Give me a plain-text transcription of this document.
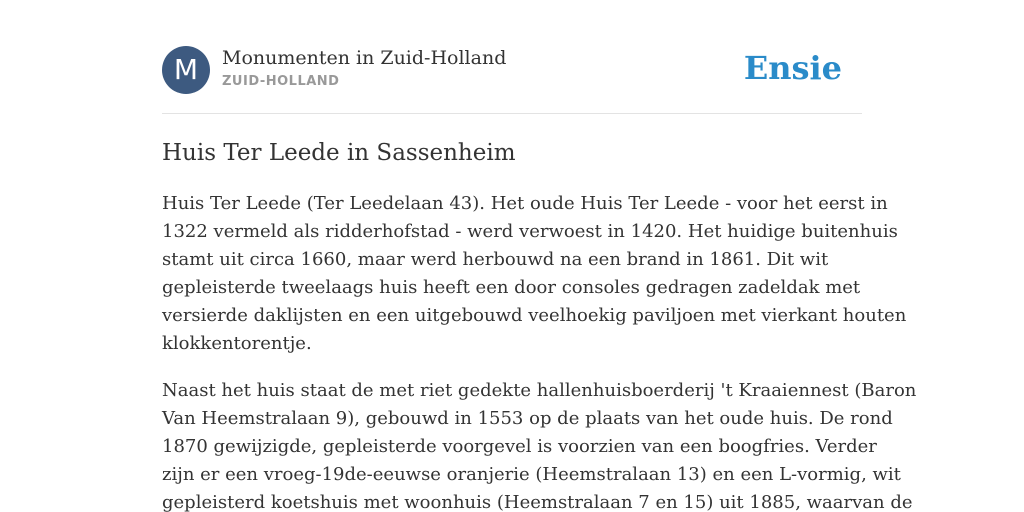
M	Monumenten in Zuid-Holland
ZUID-HOLLAND	Ensie
Huis Ter Leede in Sassenheim

Huis Ter Leede (Ter Leedelaan 43). Het oude Huis Ter Leede - voor het eerst in
1322 vermeld als ridderhofstad - werd verwoest in 1420. Het huidige buitenhuis
stamt uit circa 1660, maar werd herbouwd na een brand in 1861. Dit wit
gepleisterde tweelaags huis heeft een door consoles gedragen zadeldak met
versierde daklijsten en een uitgebouwd veelhoekig paviljoen met vierkant houten
klokkentorentje.

Naast het huis staat de met riet gedekte hallenhuisboerderij 't Kraaiennest (Baron
Van Heemstralaan 9), gebouwd in 1553 op de plaats van het oude huis. De rond
1870 gewijzigde, gepleisterde voorgevel is voorzien van een boogfries. Verder
zijn er een vroeg-19de-eeuwse oranjerie (Heemstralaan 13) en een L-vormig, wit
gepleisterd koetshuis met woonhuis (Heemstralaan 7 en 15) uit 1885, waarvan de
